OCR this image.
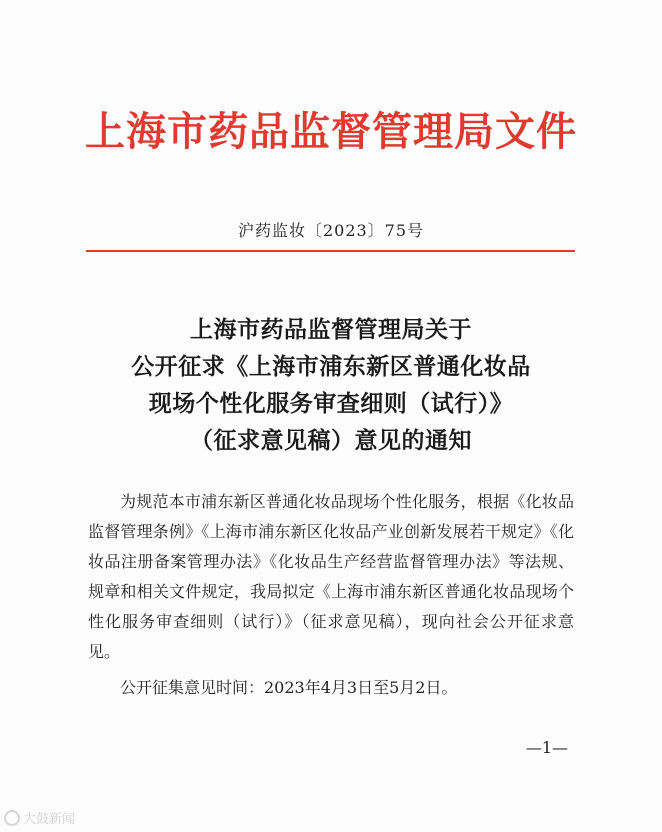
上海市药品监督管理局文件
沪药监妆〔2023〕75号
上海市药品监督管理局关于
公开征求《上海市浦东新区普通化妆品
现场个性化服务审查细则（试行）》
（征求意见稿）意见的通知

为规范本市浦东新区普通化妆品现场个性化服务，根据《化妆品监督管理条例》《上海市浦东新区化妆品产业创新发展若干规定》《化妆品注册备案管理办法》《化妆品生产经营监督管理办法》等法规、规章和相关文件规定，我局拟定《上海市浦东新区普通化妆品现场个性化服务审查细则（试行）》（征求意见稿），现向社会公开征求意见。

公开征集意见时间：2023年4月3日至5月2日。

—1—
大鼓新闻
